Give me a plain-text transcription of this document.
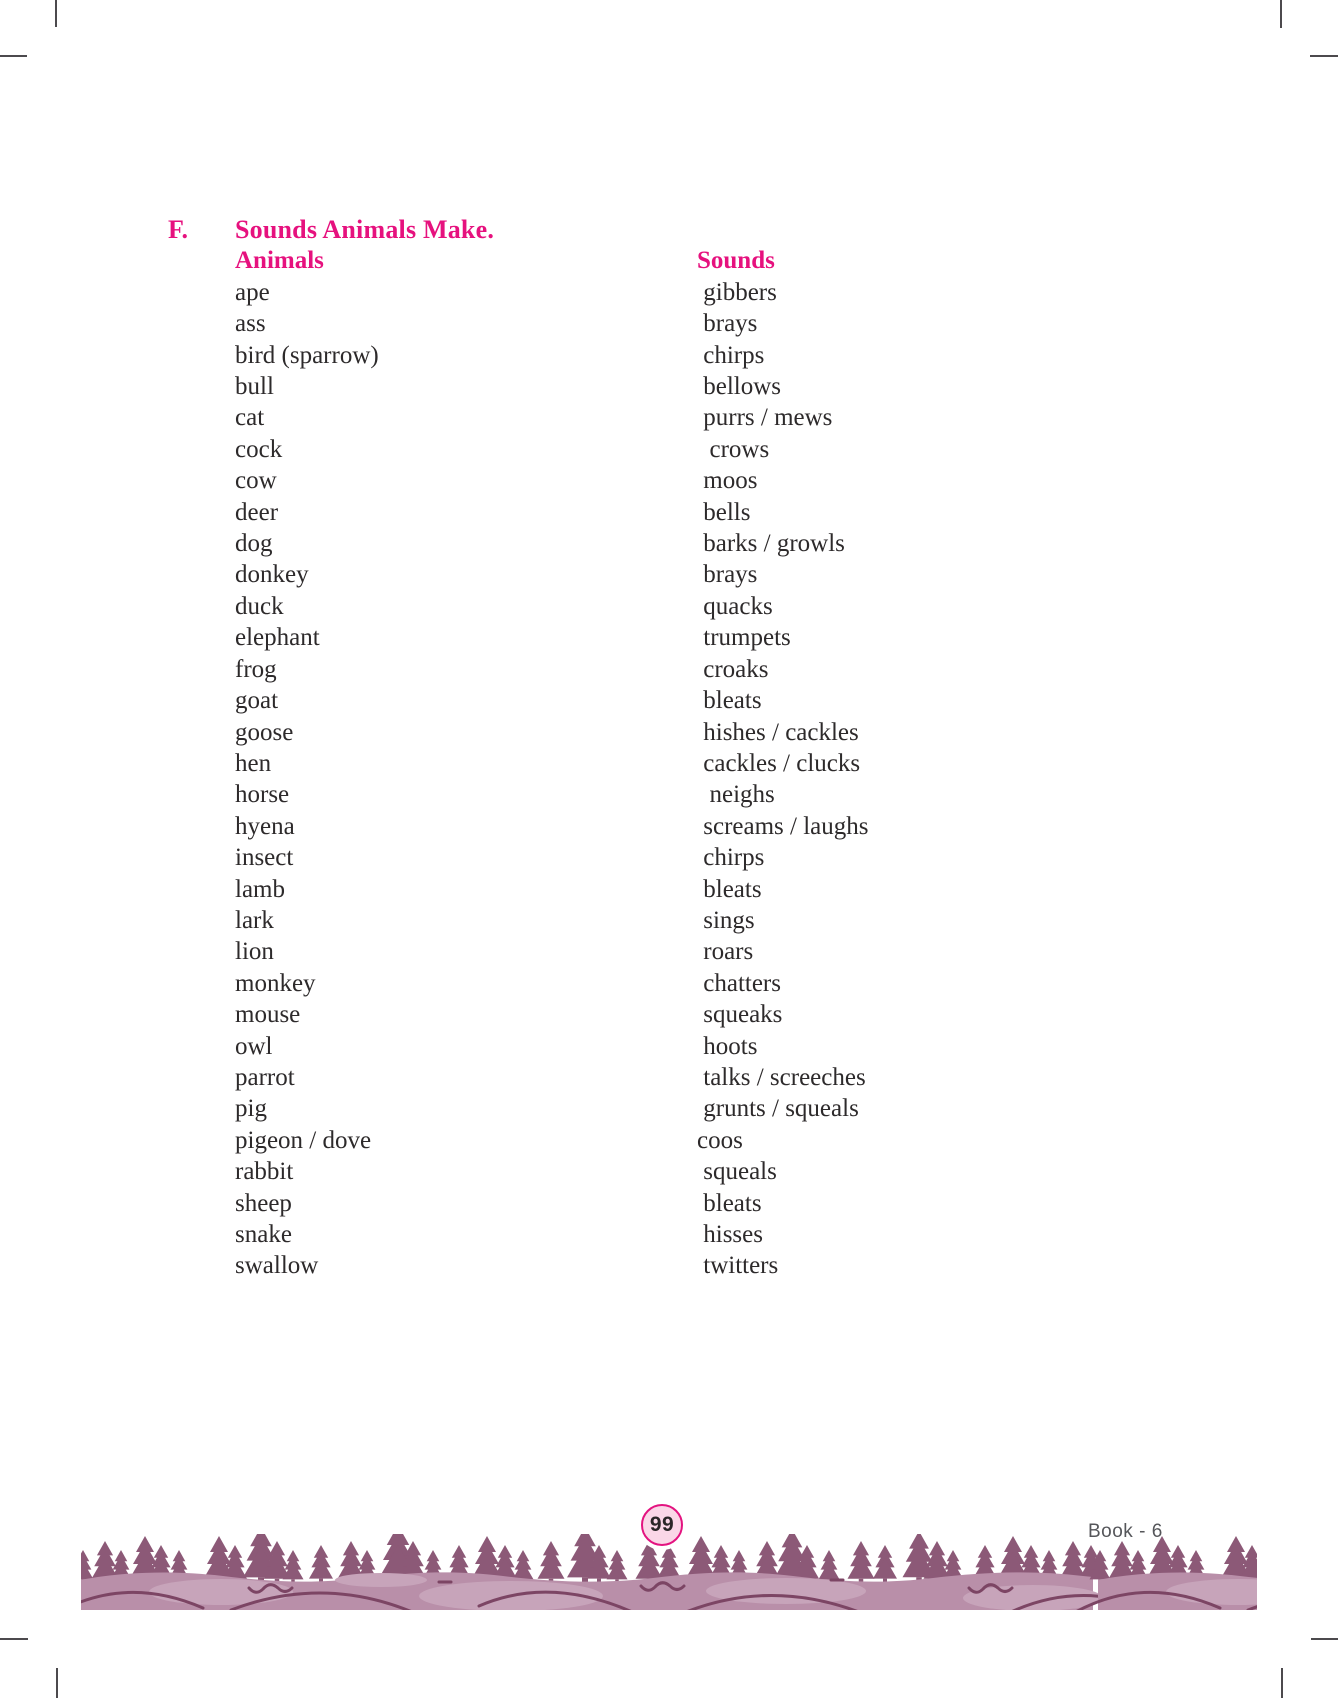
F.	Sounds Animals Make.
Animals	Sounds
ape	gibbers
ass	brays
bird (sparrow)	chirps
bull	bellows
cat	purrs / mews
cock	crows
cow	moos
deer	bells
dog	barks / growls
donkey	brays
duck	quacks
elephant	trumpets
frog	croaks
goat	bleats
goose	hishes / cackles
hen	cackles / clucks
horse	neighs
hyena	screams / laughs
insect	chirps
lamb	bleats
lark	sings
lion	roars
monkey	chatters
mouse	squeaks
owl	hoots
parrot	talks / screeches
pig	grunts / squeals
pigeon / dove	coos
rabbit	squeals
sheep	bleats
snake	hisses
swallow	twitters
99	Book - 6
